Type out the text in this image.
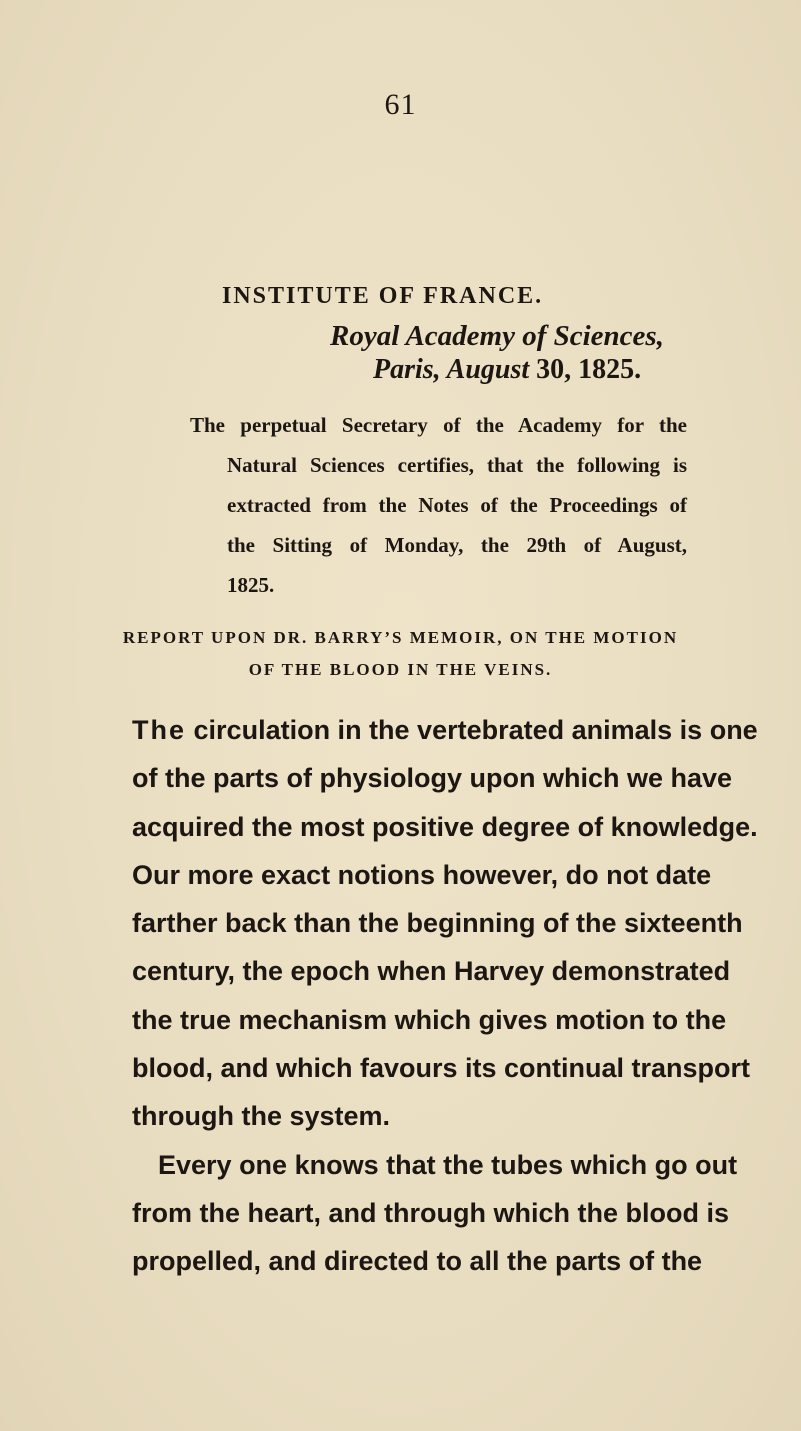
61
INSTITUTE OF FRANCE.
Royal Academy of Sciences,
Paris, August 30, 1825.
The perpetual Secretary of the Academy for the
Natural Sciences certifies, that the following is
extracted from the Notes of the Proceedings of
the Sitting of Monday, the 29th of August,
1825.
REPORT UPON DR. BARRY’S MEMOIR, ON THE MOTION
OF THE BLOOD IN THE VEINS.
The circulation in the vertebrated animals is one
of the parts of physiology upon which we have
acquired the most positive degree of knowledge.
Our more exact notions however, do not date
farther back than the beginning of the sixteenth
century, the epoch when Harvey demonstrated
the true mechanism which gives motion to the
blood, and which favours its continual transport
through the system.
Every one knows that the tubes which go out
from the heart, and through which the blood is
propelled, and directed to all the parts of the
